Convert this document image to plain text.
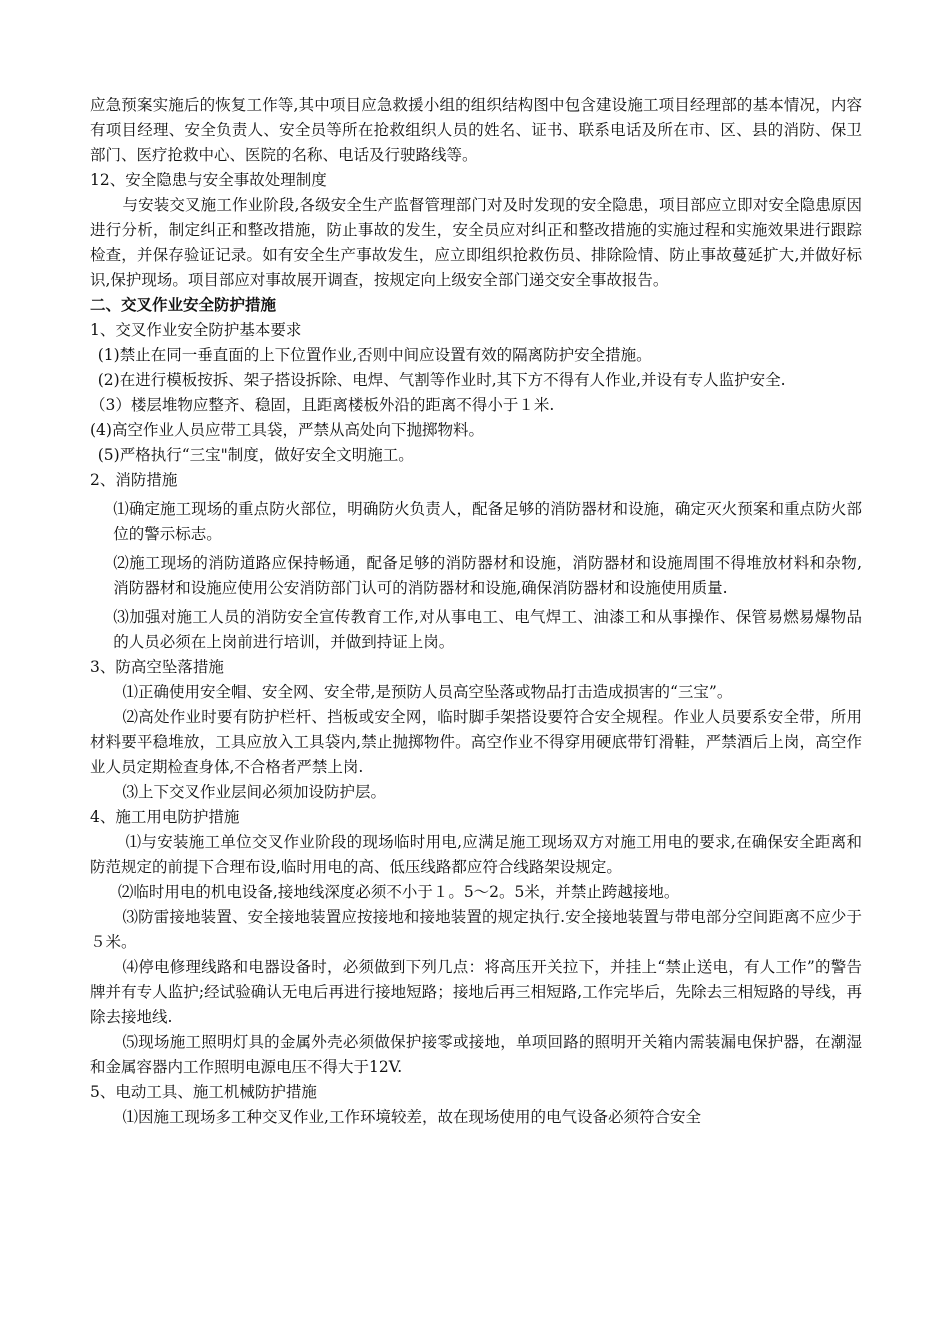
应急预案实施后的恢复工作等,其中项目应急救援小组的组织结构图中包含建设施工项目经理部的基本情况，内容有项目经理、安全负责人、安全员等所在抢救组织人员的姓名、证书、联系电话及所在市、区、县的消防、保卫部门、医疗抢救中心、医院的名称、电话及行驶路线等。

12、安全隐患与安全事故处理制度

与安装交叉施工作业阶段,各级安全生产监督管理部门对及时发现的安全隐患，项目部应立即对安全隐患原因进行分析，制定纠正和整改措施，防止事故的发生，安全员应对纠正和整改措施的实施过程和实施效果进行跟踪检查，并保存验证记录。如有安全生产事故发生，应立即组织抢救伤员、排除险情、防止事故蔓延扩大,并做好标识,保护现场。项目部应对事故展开调查，按规定向上级安全部门递交安全事故报告。

二、交叉作业安全防护措施

1、交叉作业安全防护基本要求

(1)禁止在同一垂直面的上下位置作业,否则中间应设置有效的隔离防护安全措施。

(2)在进行模板按拆、架子搭设拆除、电焊、气割等作业时,其下方不得有人作业,并设有专人监护安全.

（3）楼层堆物应整齐、稳固，且距离楼板外沿的距离不得小于１米.

(4)高空作业人员应带工具袋，严禁从高处向下抛掷物料。

(5)严格执行“三宝"制度，做好安全文明施工。

2、消防措施

⑴确定施工现场的重点防火部位，明确防火负责人，配备足够的消防器材和设施，确定灭火预案和重点防火部位的警示标志。

⑵施工现场的消防道路应保持畅通，配备足够的消防器材和设施，消防器材和设施周围不得堆放材料和杂物,消防器材和设施应使用公安消防部门认可的消防器材和设施,确保消防器材和设施使用质量.

⑶加强对施工人员的消防安全宣传教育工作,对从事电工、电气焊工、油漆工和从事操作、保管易燃易爆物品的人员必须在上岗前进行培训，并做到持证上岗。

3、防高空坠落措施

⑴正确使用安全帽、安全网、安全带,是预防人员高空坠落或物品打击造成损害的“三宝”。

⑵高处作业时要有防护栏杆、挡板或安全网，临时脚手架搭设要符合安全规程。作业人员要系安全带，所用材料要平稳堆放，工具应放入工具袋内,禁止抛掷物件。高空作业不得穿用硬底带钉滑鞋，严禁酒后上岗，高空作业人员定期检查身体,不合格者严禁上岗.

⑶上下交叉作业层间必须加设防护层。

4、施工用电防护措施

⑴与安装施工单位交叉作业阶段的现场临时用电,应满足施工现场双方对施工用电的要求,在确保安全距离和防范规定的前提下合理布设,临时用电的高、低压线路都应符合线路架设规定。

⑵临时用电的机电设备,接地线深度必须不小于１。5～2。5米，并禁止跨越接地。

⑶防雷接地装置、安全接地装置应按接地和接地装置的规定执行.安全接地装置与带电部分空间距离不应少于５米。

⑷停电修理线路和电器设备时，必须做到下列几点：将高压开关拉下，并挂上“禁止送电，有人工作”的警告牌并有专人监护;经试验确认无电后再进行接地短路；接地后再三相短路,工作完毕后，先除去三相短路的导线，再除去接地线.

⑸现场施工照明灯具的金属外壳必须做保护接零或接地，单项回路的照明开关箱内需装漏电保护器，在潮湿和金属容器内工作照明电源电压不得大于12V.

5、电动工具、施工机械防护措施

⑴因施工现场多工种交叉作业,工作环境较差，故在现场使用的电气设备必须符合安全
